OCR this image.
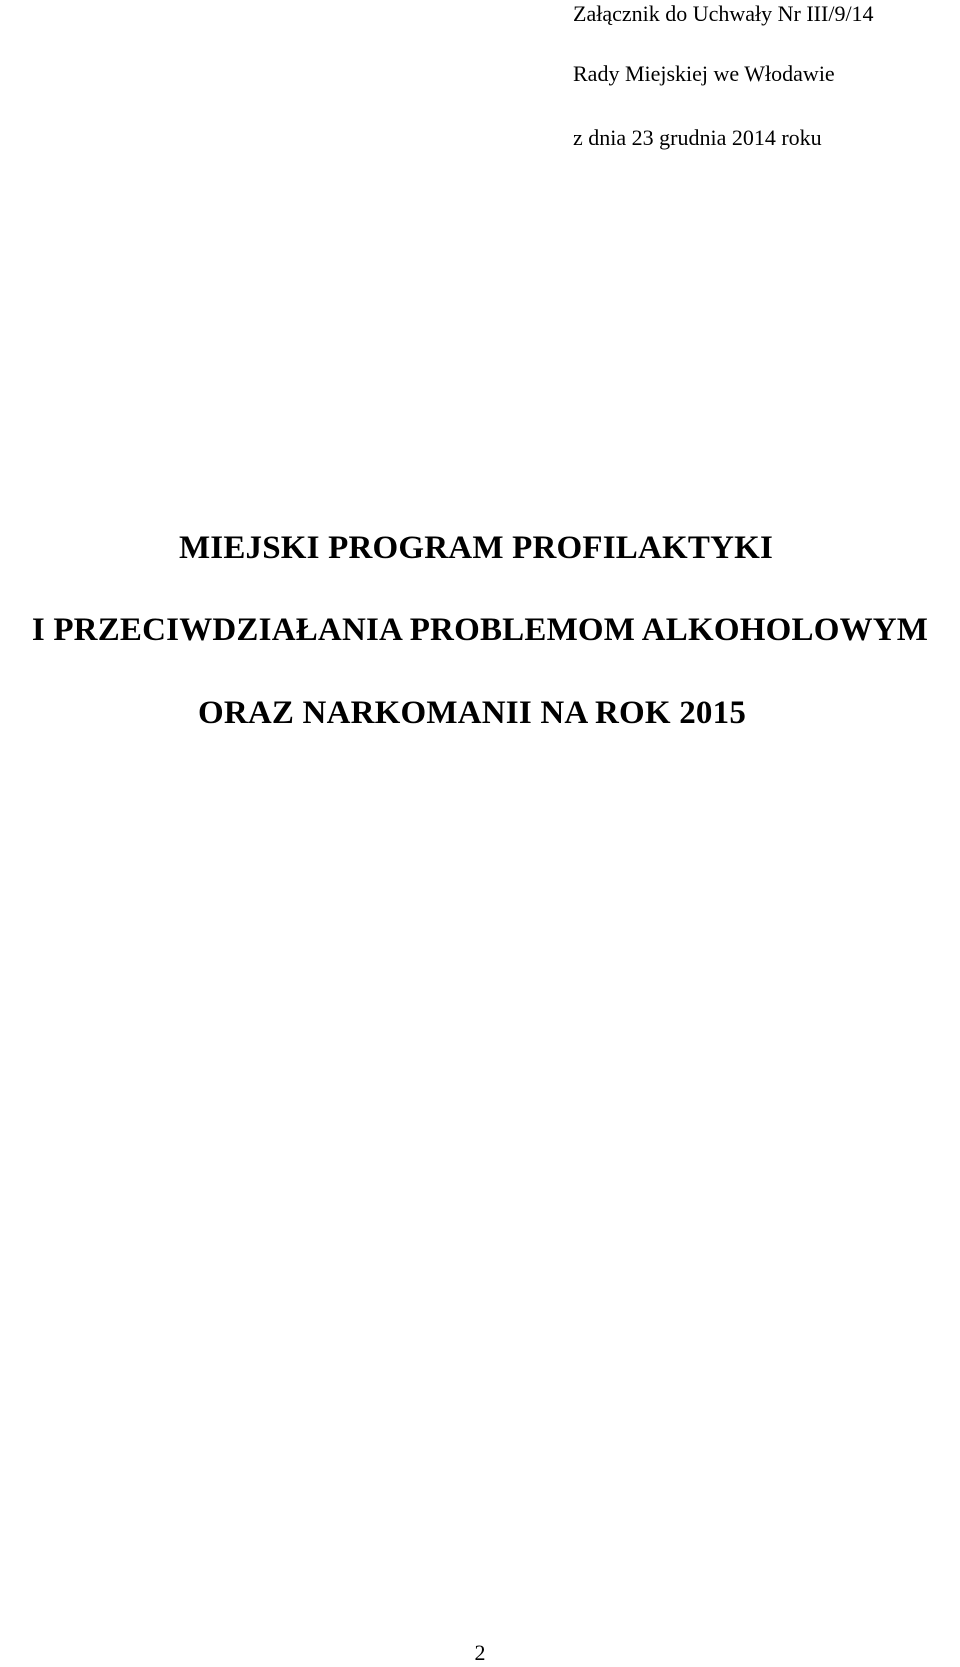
Załącznik do Uchwały Nr III/9/14
Rady Miejskiej we Włodawie
z dnia 23 grudnia 2014 roku
MIEJSKI PROGRAM PROFILAKTYKI
I PRZECIWDZIAŁANIA PROBLEMOM ALKOHOLOWYM
ORAZ NARKOMANII NA ROK 2015
2
